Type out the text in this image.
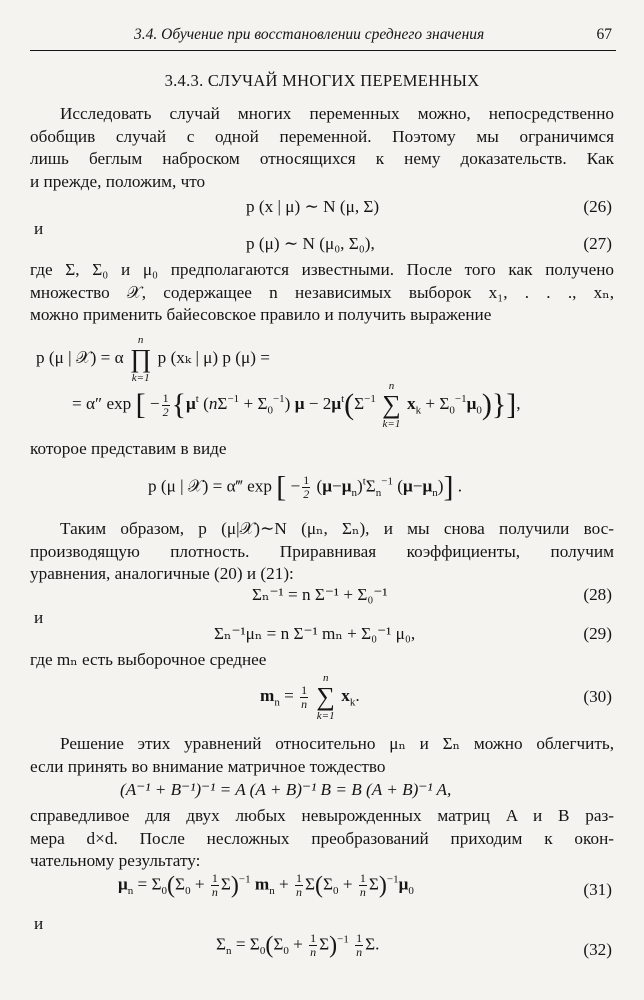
3.4. Обучение при восстановлении среднего значения	67
3.4.3. СЛУЧАЙ МНОГИХ ПЕРЕМЕННЫХ
Исследовать случай многих переменных можно, непосредственно
обобщив случай с одной переменной. Поэтому мы ограничимся
лишь беглым наброском относящихся к нему доказательств. Как
и прежде, положим, что
p (x | μ) ∼ N (μ, Σ)	(26)
и
p (μ) ∼ N (μ₀, Σ₀),	(27)
где Σ, Σ₀ и μ₀ предполагаются известными. После того как получено
множество 𝒳, содержащее n независимых выборок x₁, . . ., xₙ,
можно применить байесовское правило и получить выражение
p (μ | 𝒳) = α
n
∏
k=1
p (xₖ | μ) p (μ) =
= α″ exp [ − $\frac{1}{2} \{\mu^t$ $(n\Sigma^{-1} + \Sigma_0^{-1}) \mu - 2\mu^t(\Sigma^{-1}$
n
∑
k=1
$x_k + \Sigma_0^{-1}\mu_0$)}],
которое представим в виде
p (μ | 𝒳) = α‴ exp [ − $\frac{1}{2} (\mu-\mu_n)^t\Sigma_n^{-1}$ $(\mu-\mu_n)$] .
Таким образом, p (μ|𝒳)∼N (μₙ, Σₙ), и мы снова получили вос-
производящую плотность. Приравнивая коэффициенты, получим
уравнения, аналогичные (20) и (21):
Σₙ⁻¹ = n Σ⁻¹ + Σ₀⁻¹	(28)
и
Σₙ⁻¹μₙ = n Σ⁻¹ mₙ + Σ₀⁻¹ μ₀,	(29)
где mₙ есть выборочное среднее
$m_n = \frac{1}{n}$

n
∑
k=1
$x_k$.	(30)
Решение этих уравнений относительно μₙ и Σₙ можно облегчить,
если принять во внимание матричное тождество
(A⁻¹ + B⁻¹)⁻¹ = A (A + B)⁻¹ B = B (A + B)⁻¹ A,
справедливое для двух любых невырожденных матриц A и B раз-
мера d×d. После несложных преобразований приходим к окон-
чательному результату:
$\mu_n = \Sigma_0(\Sigma_0 + \frac{1}{n} \Sigma)^{-1}$ $m_n + \frac{1}{n} \Sigma(\Sigma_0 + \frac{1}{n} \Sigma)^{-1}\mu_0$	(31)
и
$\Sigma_n = \Sigma_0(\Sigma_0 + \frac{1}{n} \Sigma)^{-1} \frac{1}{n} \Sigma$.	(32)
